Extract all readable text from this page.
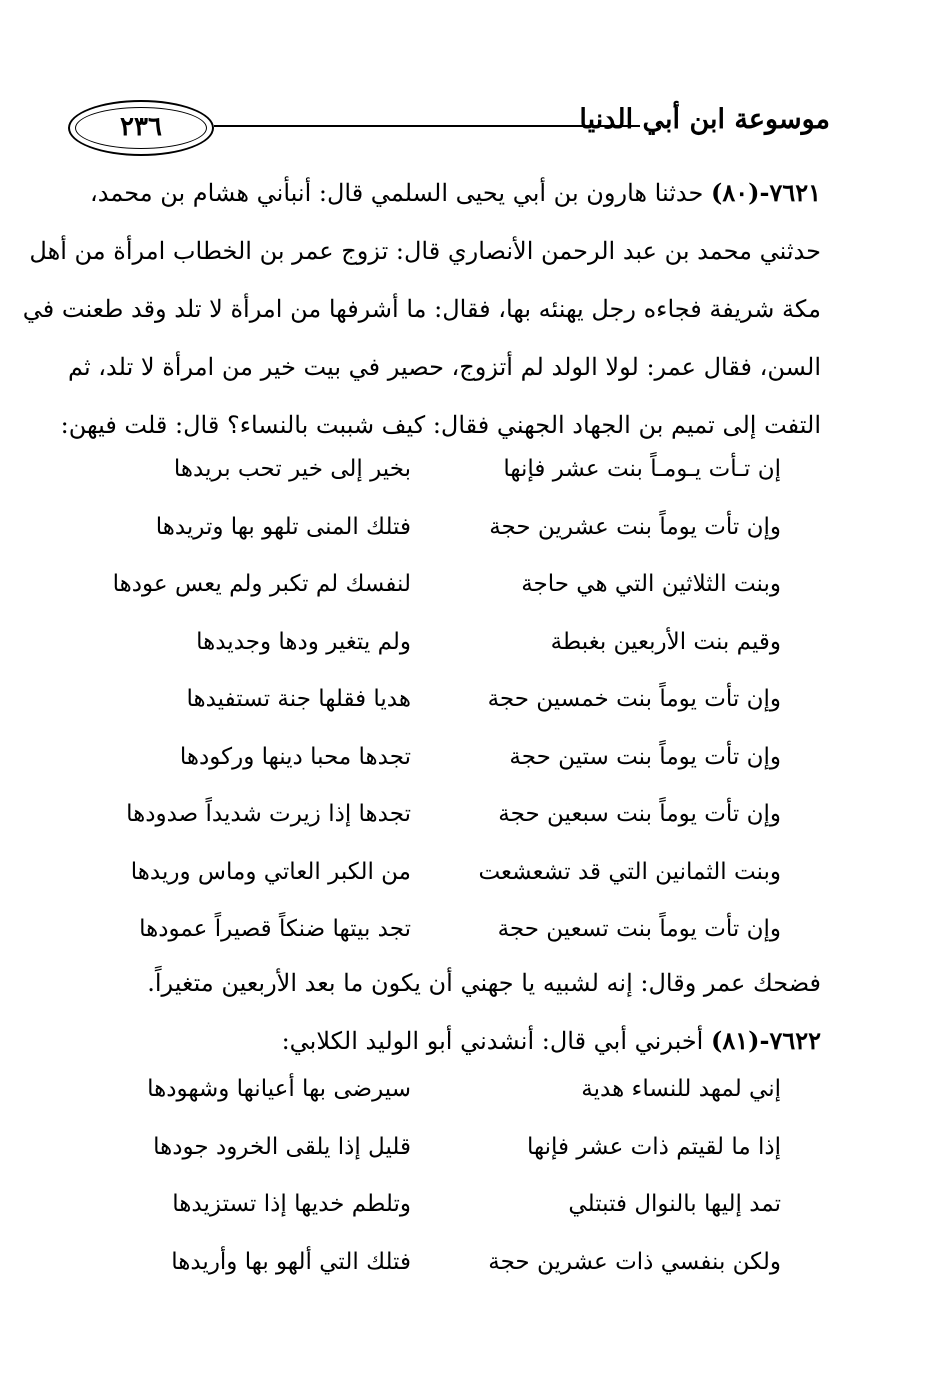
٢٣٦	موسوعة ابن أبي الدنيا
٧٦٢١-(٨٠) حدثنا هارون بن أبي يحيى السلمي قال: أنبأني هشام بن محمد،
حدثني محمد بن عبد الرحمن الأنصاري قال: تزوج عمر بن الخطاب امرأة من أهل
مكة شريفة فجاءه رجل يهنئه بها، فقال: ما أشرفها من امرأة لا تلد وقد طعنت في
السن، فقال عمر: لولا الولد لم أتزوج، حصير في بيت خير من امرأة لا تلد، ثم
التفت إلى تميم بن الجهاد الجهني فقال: كيف شببت بالنساء؟ قال: قلت فيهن:
إن تـأت يـومـاً بنت عشر فإنها
بخير إلى خير تحب بريدها
وإن تأت يوماً بنت عشرين حجة
فتلك المنى تلهو بها وتريدها
وبنت الثلاثين التي هي حاجة
لنفسك لم تكبر ولم يعس عودها
وقيم بنت الأربعين بغبطة
ولم يتغير ودها وجديدها
وإن تأت يوماً بنت خمسين حجة
هديا فقلها جنة تستفيدها
وإن تأت يوماً بنت ستين حجة
تجدها محبا دينها وركودها
وإن تأت يوماً بنت سبعين حجة
تجدها إذا زيرت شديداً صدودها
وبنت الثمانين التي قد تشعشعت
من الكبر العاتي وماس وريدها
وإن تأت يوماً بنت تسعين حجة
تجد بيتها ضنكاً قصيراً عمودها
فضحك عمر وقال: إنه لشبيه يا جهني أن يكون ما بعد الأربعين متغيراً.
٧٦٢٢-(٨١) أخبرني أبي قال: أنشدني أبو الوليد الكلابي:
إني لمهد للنساء هدية
سيرضى بها أعيانها وشهودها
إذا ما لقيتم ذات عشر فإنها
قليل إذا يلقى الخرود جودها
تمد إليها بالنوال فتبتلي
وتلطم خديها إذا تستزيدها
ولكن بنفسي ذات عشرين حجة
فتلك التي ألهو بها وأريدها
